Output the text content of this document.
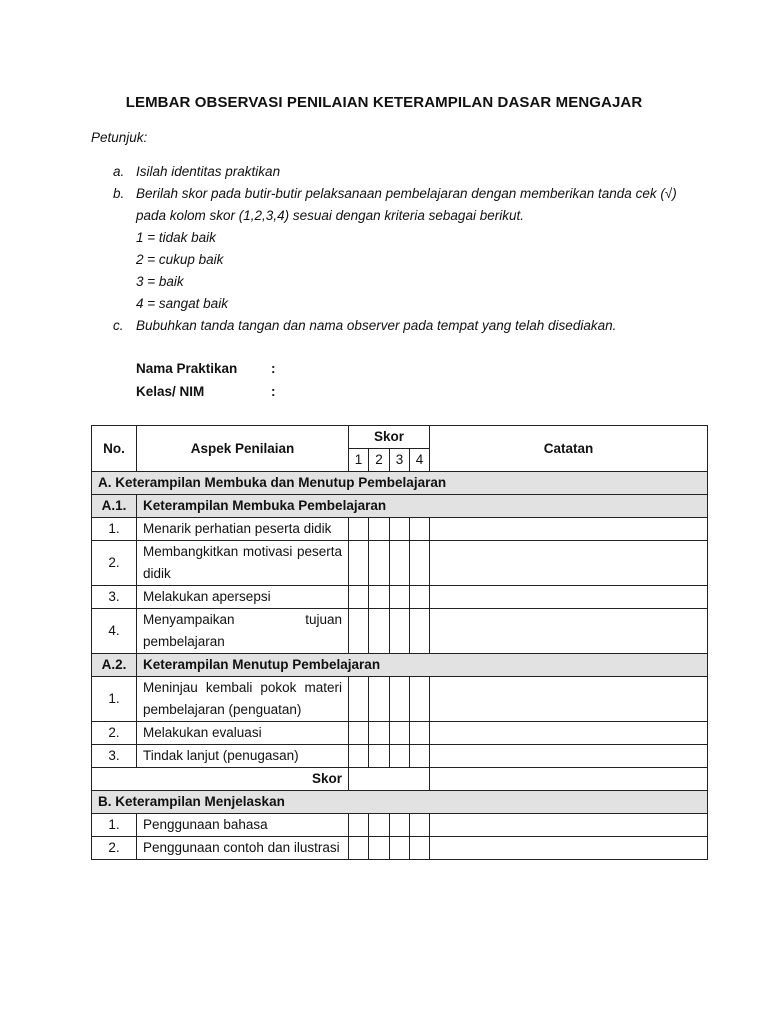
LEMBAR OBSERVASI PENILAIAN KETERAMPILAN DASAR MENGAJAR
Petunjuk:
a. Isilah identitas praktikan
b. Berilah skor pada butir-butir pelaksanaan pembelajaran dengan memberikan tanda cek (√) pada kolom skor (1,2,3,4) sesuai dengan kriteria sebagai berikut.
1 = tidak baik
2 = cukup baik
3 = baik
4 = sangat baik
c. Bubuhkan tanda tangan dan nama observer pada tempat yang telah disediakan.
Nama Praktikan	:
Kelas/ NIM	:
No.	Aspek Penilaian	Skor				Catatan
		1	2	3	4	
A. Keterampilan Membuka dan Menutup Pembelajaran						
A.1.	Keterampilan Membuka Pembelajaran					
1.	Menarik perhatian peserta didik					
2.	Membangkitkan motivasi peserta didik					
3.	Melakukan apersepsi					
4.	Menyampaikan tujuan pembelajaran					
A.2.	Keterampilan Menutup Pembelajaran					
1.	Meninjau kembali pokok materi pembelajaran (penguatan)					
2.	Melakukan evaluasi					
3.	Tindak lanjut (penugasan)					
Skor						
B. Keterampilan Menjelaskan						
1.	Penggunaan bahasa					
2.	Penggunaan contoh dan ilustrasi					
